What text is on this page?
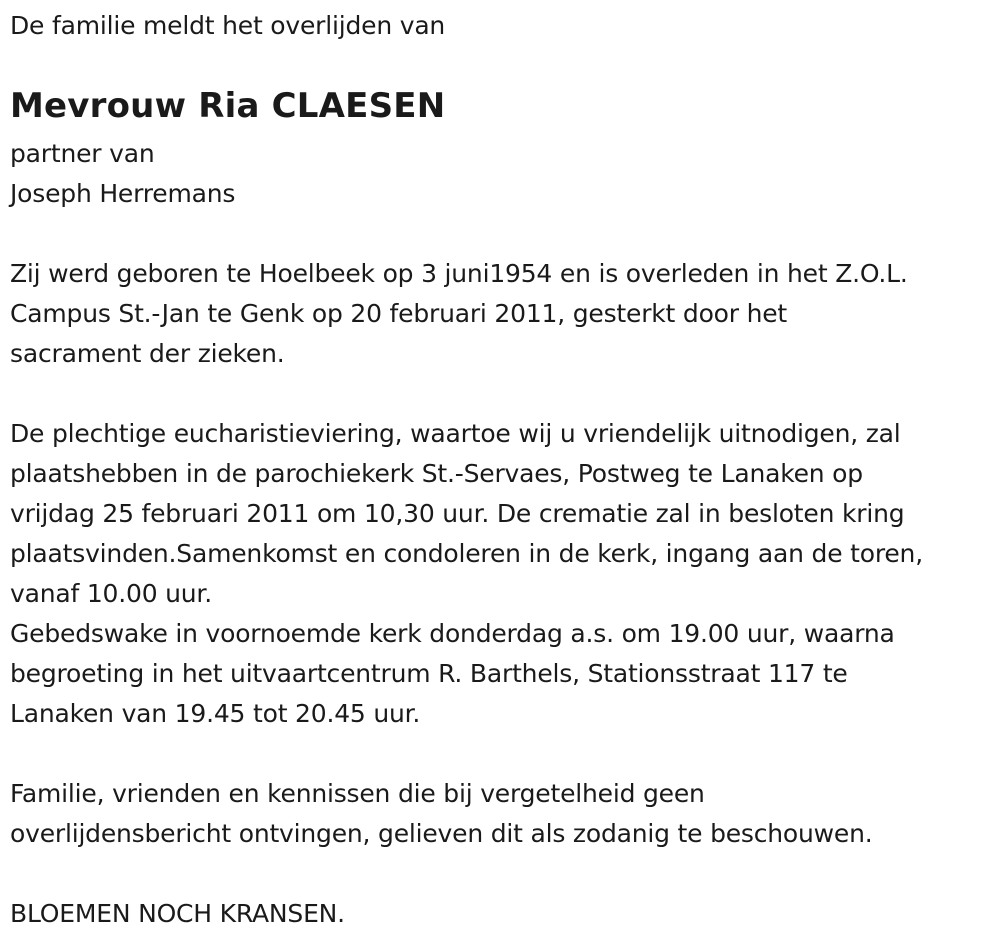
De familie meldt het overlijden van
Mevrouw Ria CLAESEN
partner van
Joseph Herremans
Zij werd geboren te Hoelbeek op 3 juni1954 en is overleden in het Z.O.L.
Campus St.-Jan te Genk op 20 februari 2011, gesterkt door het
sacrament der zieken.
De plechtige eucharistieviering, waartoe wij u vriendelijk uitnodigen, zal
plaatshebben in de parochiekerk St.-Servaes, Postweg te Lanaken op
vrijdag 25 februari 2011 om 10,30 uur. De crematie zal in besloten kring
plaatsvinden.Samenkomst en condoleren in de kerk, ingang aan de toren,
vanaf 10.00 uur.
Gebedswake in voornoemde kerk donderdag a.s. om 19.00 uur, waarna
begroeting in het uitvaartcentrum R. Barthels, Stationsstraat 117 te
Lanaken van 19.45 tot 20.45 uur.
Familie, vrienden en kennissen die bij vergetelheid geen
overlijdensbericht ontvingen, gelieven dit als zodanig te beschouwen.
BLOEMEN NOCH KRANSEN.
